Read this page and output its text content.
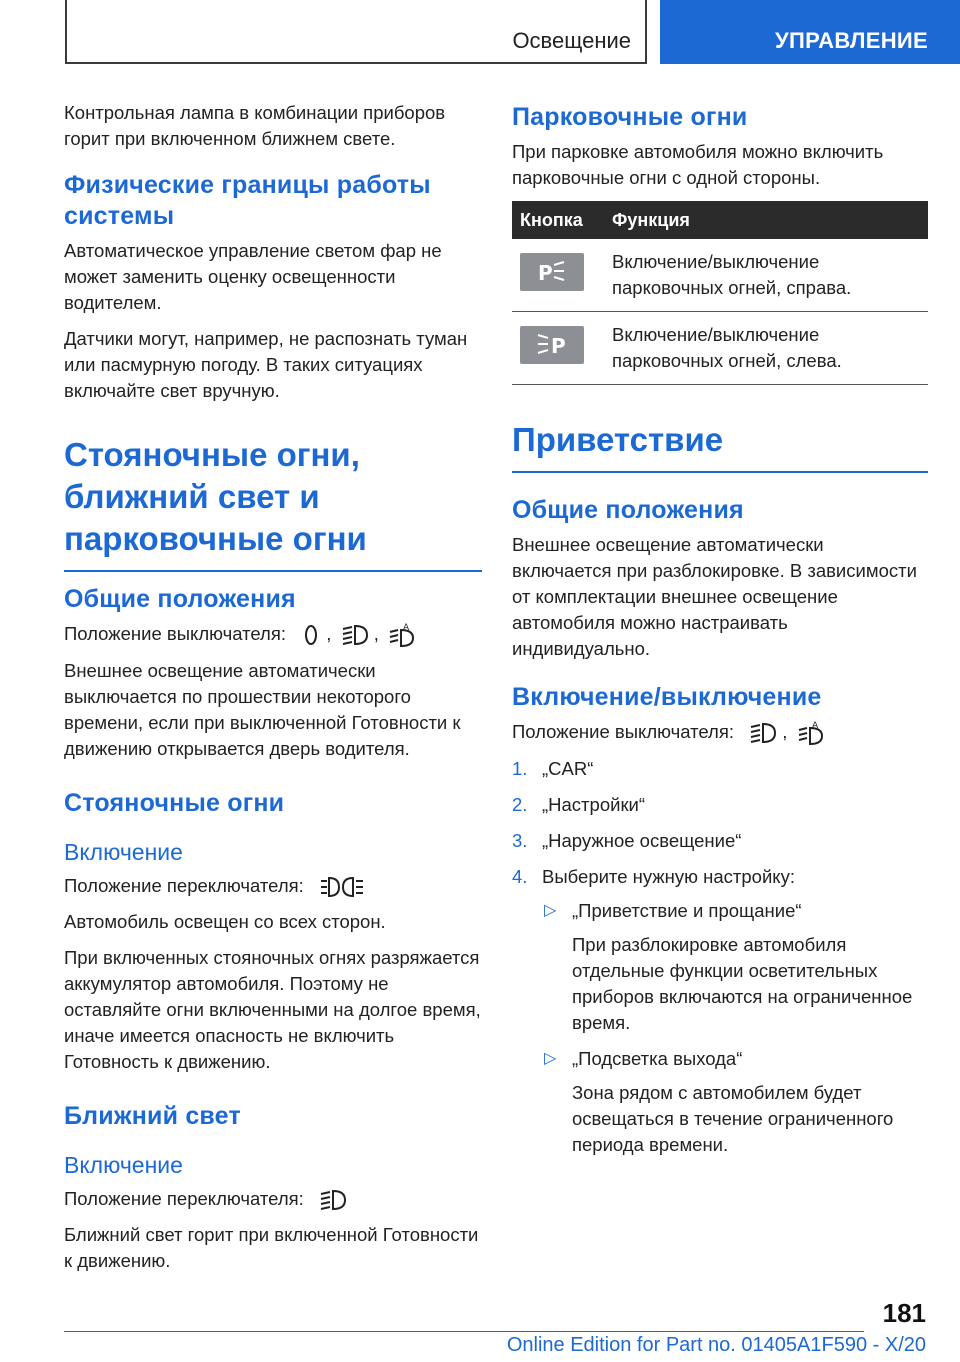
Освещение	УПРАВЛЕНИЕ

Контрольная лампа в комбинации приборов горит при включенном ближнем свете.

Физические границы работы системы

Автоматическое управление светом фар не может заменить оценку освещенности водителем.

Датчики могут, например, не распознать туман или пасмурную погоду. В таких ситуациях включайте свет вручную.

Стояночные огни, ближний свет и парковочные огни
Общие положения

Положение выключателя:
,
, A

Внешнее освещение автоматически выключается по прошествии некоторого времени, если при выключенной Готовности к движению открывается дверь водителя.

Стояночные огни
Включение

Положение переключателя:

Автомобиль освещен со всех сторон.

При включенных стояночных огнях разряжается аккумулятор автомобиля. Поэтому не оставляйте огни включенными на долгое время, иначе имеется опасность не включить Готовность к движению.

Ближний свет
Включение

Положение переключателя:

Ближний свет горит при включенной Готовности к движению.

Парковочные огни

При парковке автомобиля можно включить парковочные огни с одной стороны.

Кнопка	Функция

P	Включение/выключение парковочных огней, справа.

P	Включение/выключение парковочных огней, слева.
Приветствие
Общие положения

Внешнее освещение автоматически включается при разблокировке. В зависимости от комплектации внешнее освещение автомобиля можно настраивать индивидуально.

Включение/выключение

Положение выключателя:
, A

1. „CAR“
2. „Настройки“
3. „Наружное освещение“
4. Выберите нужную настройку:
▷ „Приветствие и прощание“

При разблокировке автомобиля отдельные функции осветительных приборов включаются на ограниченное время.

▷ „Подсветка выхода“

Зона рядом с автомобилем будет освещаться в течение ограниченного периода времени.

181
Online Edition for Part no. 01405A1F590 - X/20
